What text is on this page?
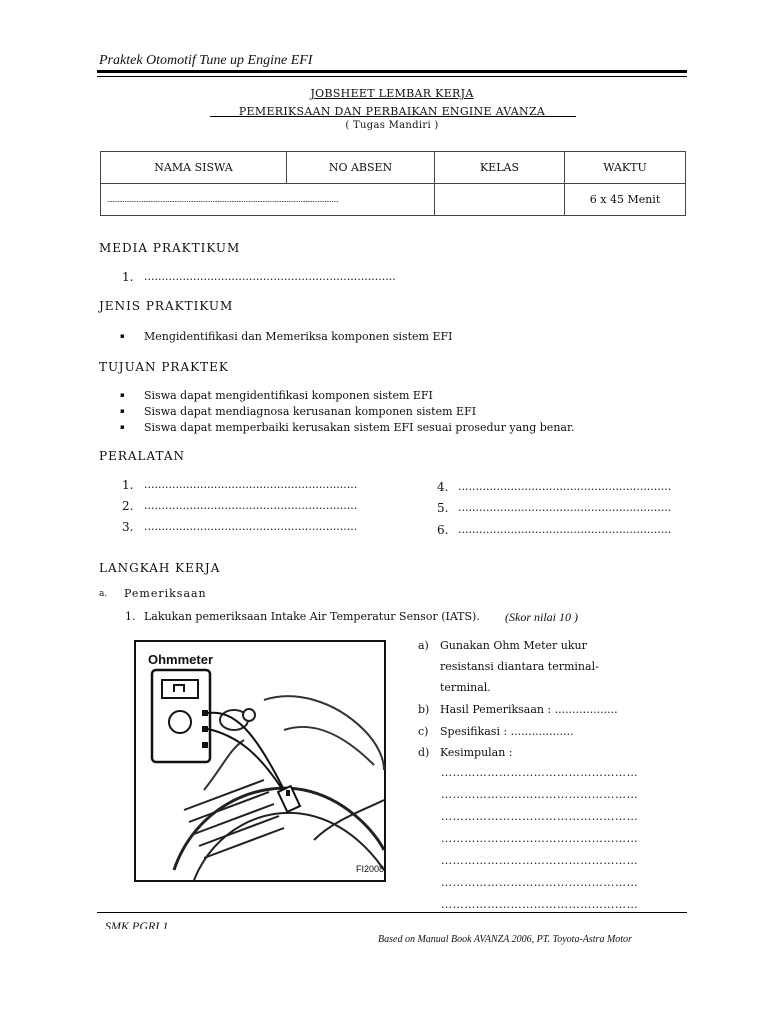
Praktek Otomotif Tune up Engine EFI
JOBSHEET LEMBAR KERJA
PEMERIKSAAN DAN PERBAIKAN ENGINE AVANZA
( Tugas Mandiri )
NAMA SISWA	NO ABSEN	KELAS	WAKTU
......................................................................................................................................			6 x 45 Menit
MEDIA PRAKTIKUM
1. ........................................................................
JENIS PRAKTIKUM
▪ Mengidentifikasi dan Memeriksa komponen sistem EFI
TUJUAN PRAKTEK
▪ Siswa dapat mengidentifikasi komponen sistem EFI
▪ Siswa dapat mendiagnosa kerusanan komponen sistem EFI
▪ Siswa dapat memperbaiki kerusakan sistem EFI sesuai prosedur yang benar.
PERALATAN
1. .............................................................
2. .............................................................
3. .............................................................
4. .............................................................
5. .............................................................
6. .............................................................
LANGKAH KERJA
a. Pemeriksaan
1. Lakukan pemeriksaan Intake Air Temperatur Sensor (IATS). (Skor nilai 10 )
Ohmmeter
FI2008
a) Gunakan Ohm Meter ukur
resistansi diantara terminal-
terminal.
b) Hasil Pemeriksaan : ..................
c) Spesifikasi : ..................
d) Kesimpulan :
……………………………………………
……………………………………………
……………………………………………
……………………………………………
……………………………………………
……………………………………………
……………………………………………
SMK PGRI 1
Based on Manual Book AVANZA 2006, PT. Toyota-Astra Motor
